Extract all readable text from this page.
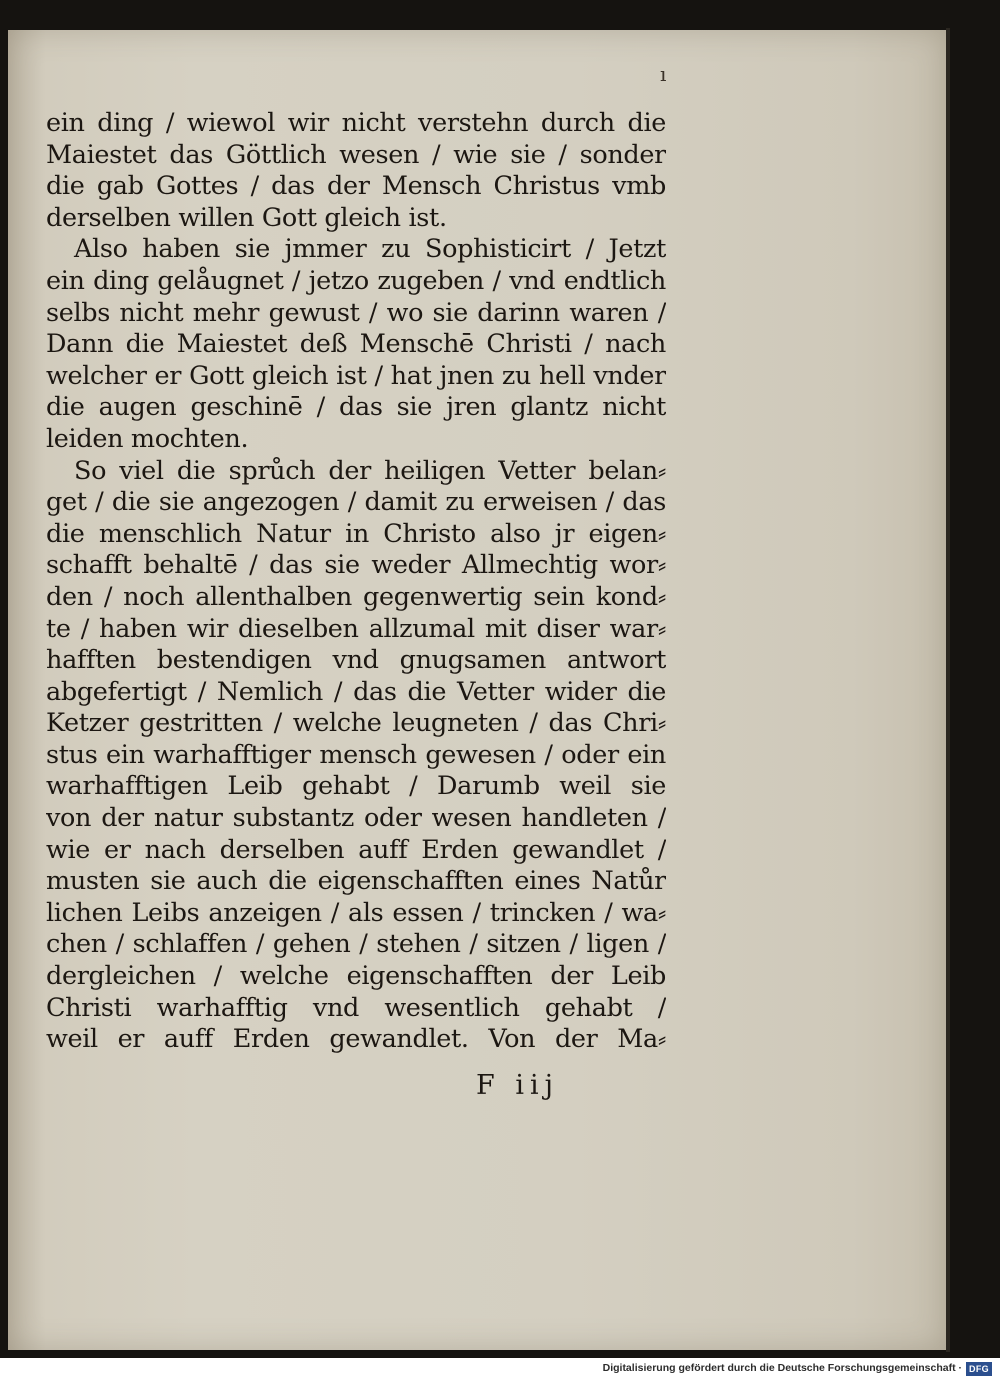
ı
ein ding / wiewol wir nicht verstehn durch die
Maiestet das Göttlich wesen / wie sie / sonder
die gab Gottes / das der Mensch Christus vmb
derselben willen Gott gleich ist.
Also haben sie jmmer zu Sophisticirt / Jetzt
ein ding gelåugnet / jetzo zugeben / vnd endtlich
selbs nicht mehr gewust / wo sie darinn waren /
Dann die Maiestet deß Menschē Christi / nach
welcher er Gott gleich ist / hat jnen zu hell vnder
die augen geschinē / das sie jren glantz nicht
leiden mochten.
So viel die sprůch der heiligen Vetter belan⸗
get / die sie angezogen / damit zu erweisen / das
die menschlich Natur in Christo also jr eigen⸗
schafft behaltē / das sie weder Allmechtig wor⸗
den / noch allenthalben gegenwertig sein kond⸗
te / haben wir dieselben allzumal mit diser war⸗
hafften bestendigen vnd gnugsamen antwort
abgefertigt / Nemlich / das die Vetter wider die
Ketzer gestritten / welche leugneten / das Chri⸗
stus ein warhafftiger mensch gewesen / oder ein
warhafftigen Leib gehabt / Darumb weil sie
von der natur substantz oder wesen handleten /
wie er nach derselben auff Erden gewandlet /
musten sie auch die eigenschafften eines Natůr
lichen Leibs anzeigen / als essen / trincken / wa⸗
chen / schlaffen / gehen / stehen / sitzen / ligen /
dergleichen / welche eigenschafften der Leib
Christi warhafftig vnd wesentlich gehabt /
weil er auff Erden gewandlet. Von der Ma⸗
F iij
Digitalisierung gefördert durch die Deutsche Forschungsgemeinschaft · DFG
